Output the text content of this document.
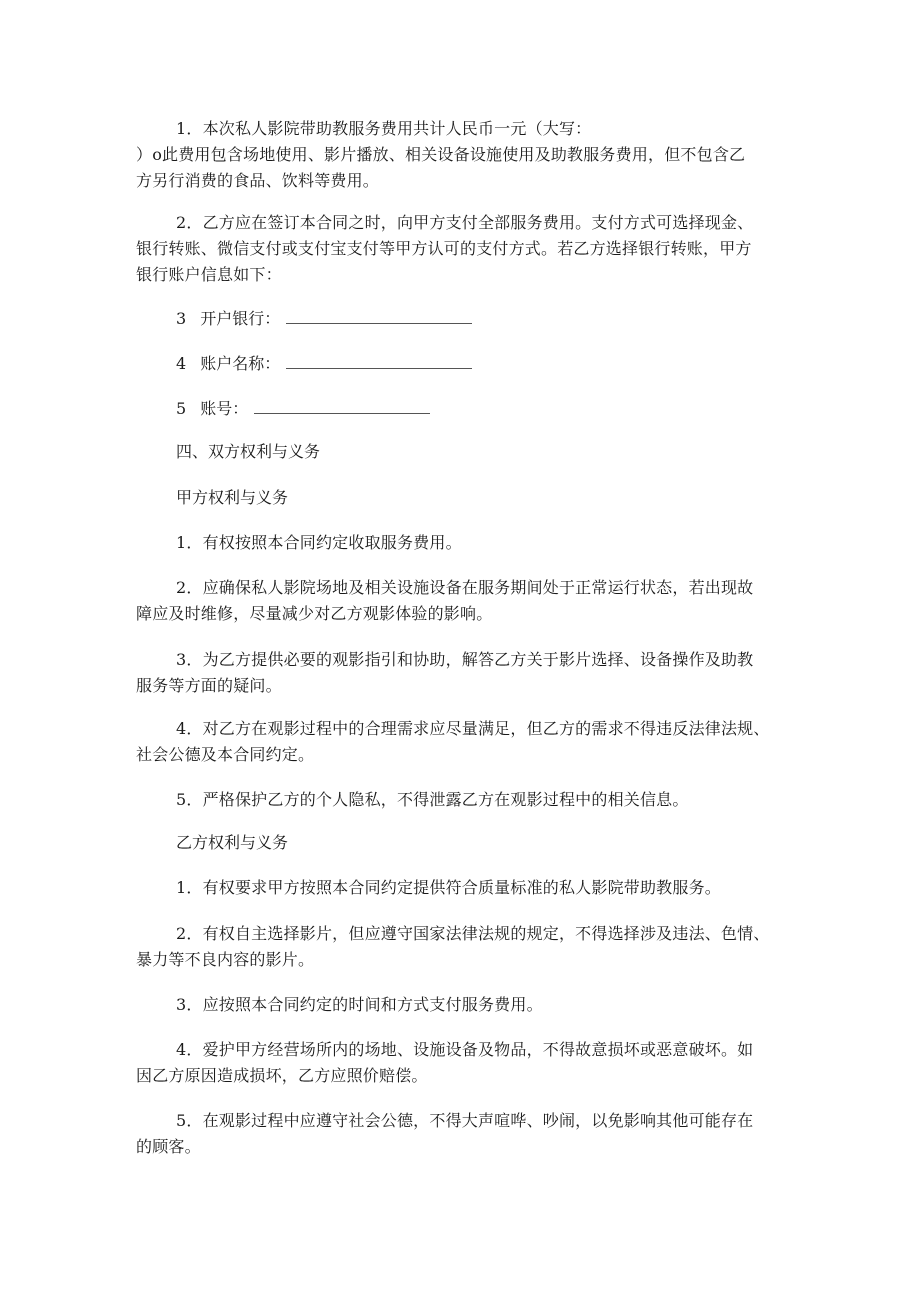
1．本次私人影院带助教服务费用共计人民币一元（大写：
）o此费用包含场地使用、影片播放、相关设备设施使用及助教服务费用，但不包含乙
方另行消费的食品、饮料等费用。
2．乙方应在签订本合同之时，向甲方支付全部服务费用。支付方式可选择现金、
银行转账、微信支付或支付宝支付等甲方认可的支付方式。若乙方选择银行转账，甲方
银行账户信息如下：
3 开户银行：
4 账户名称：
5 账号：
四、双方权利与义务
甲方权利与义务
1．有权按照本合同约定收取服务费用。
2．应确保私人影院场地及相关设施设备在服务期间处于正常运行状态，若出现故
障应及时维修，尽量减少对乙方观影体验的影响。
3．为乙方提供必要的观影指引和协助，解答乙方关于影片选择、设备操作及助教
服务等方面的疑问。
4．对乙方在观影过程中的合理需求应尽量满足，但乙方的需求不得违反法律法规、
社会公德及本合同约定。
5．严格保护乙方的个人隐私，不得泄露乙方在观影过程中的相关信息。
乙方权利与义务
1．有权要求甲方按照本合同约定提供符合质量标准的私人影院带助教服务。
2．有权自主选择影片，但应遵守国家法律法规的规定，不得选择涉及违法、色情、
暴力等不良内容的影片。
3．应按照本合同约定的时间和方式支付服务费用。
4．爱护甲方经营场所内的场地、设施设备及物品，不得故意损坏或恶意破坏。如
因乙方原因造成损坏，乙方应照价赔偿。
5．在观影过程中应遵守社会公德，不得大声喧哗、吵闹，以免影响其他可能存在
的顾客。
